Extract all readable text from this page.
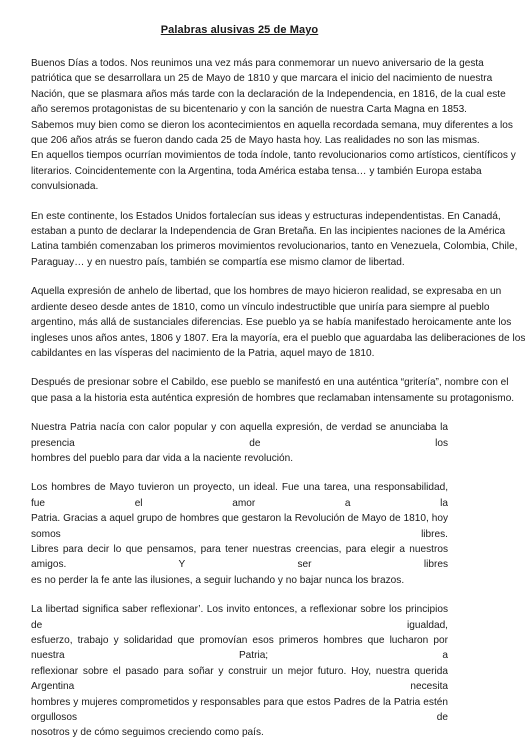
Palabras alusivas 25 de Mayo
Buenos Días a todos. Nos reunimos una vez más para conmemorar un nuevo aniversario de la gesta
patriótica que se desarrollara un 25 de Mayo de 1810 y que marcara el inicio del nacimiento de nuestra
Nación, que se plasmara años más tarde con la declaración de la Independencia, en 1816, de la cual este
año seremos protagonistas de su bicentenario y con la sanción de nuestra Carta Magna en 1853.
Sabemos muy bien como se dieron los acontecimientos en aquella recordada semana, muy diferentes a los
que 206 años atrás se fueron dando cada 25 de Mayo hasta hoy. Las realidades no son las mismas.
En aquellos tiempos ocurrían movimientos de toda índole, tanto revolucionarios como artísticos, científicos y
literarios. Coincidentemente con la Argentina, toda América estaba tensa… y también Europa estaba
convulsionada.
En este continente, los Estados Unidos fortalecían sus ideas y estructuras independentistas. En Canadá,
estaban a punto de declarar la Independencia de Gran Bretaña. En las incipientes naciones de la América
Latina también comenzaban los primeros movimientos revolucionarios, tanto en Venezuela, Colombia, Chile,
Paraguay… y en nuestro país, también se compartía ese mismo clamor de libertad.
Aquella expresión de anhelo de libertad, que los hombres de mayo hicieron realidad, se expresaba en un
ardiente deseo desde antes de 1810, como un vínculo indestructible que uniría para siempre al pueblo
argentino, más allá de sustanciales diferencias. Ese pueblo ya se había manifestado heroicamente ante los
ingleses unos años antes, 1806 y 1807. Era la mayoría, era el pueblo que aguardaba las deliberaciones de los
cabildantes en las vísperas del nacimiento de la Patria, aquel mayo de 1810.
Después de presionar sobre el Cabildo, ese pueblo se manifestó en una auténtica “gritería”, nombre con el
que pasa a la historia esta auténtica expresión de hombres que reclamaban intensamente su protagonismo.
Nuestra Patria nacía con calor popular y con aquella expresión, de verdad se anunciaba la presencia de los
hombres del pueblo para dar vida a la naciente revolución.
Los hombres de Mayo tuvieron un proyecto, un ideal. Fue una tarea, una responsabilidad, fue el amor a la
Patria. Gracias a aquel grupo de hombres que gestaron la Revolución de Mayo de 1810, hoy somos libres.
Libres para decir lo que pensamos, para tener nuestras creencias, para elegir a nuestros amigos. Y ser libres
es no perder la fe ante las ilusiones, a seguir luchando y no bajar nunca los brazos.
La libertad significa saber reflexionar’. Los invito entonces, a reflexionar sobre los principios de igualdad,
esfuerzo, trabajo y solidaridad que promovían esos primeros hombres que lucharon por nuestra Patria; a
reflexionar sobre el pasado para soñar y construir un mejor futuro. Hoy, nuestra querida Argentina necesita
hombres y mujeres comprometidos y responsables para que estos Padres de la Patria estén orgullosos de
nosotros y de cómo seguimos creciendo como país.
